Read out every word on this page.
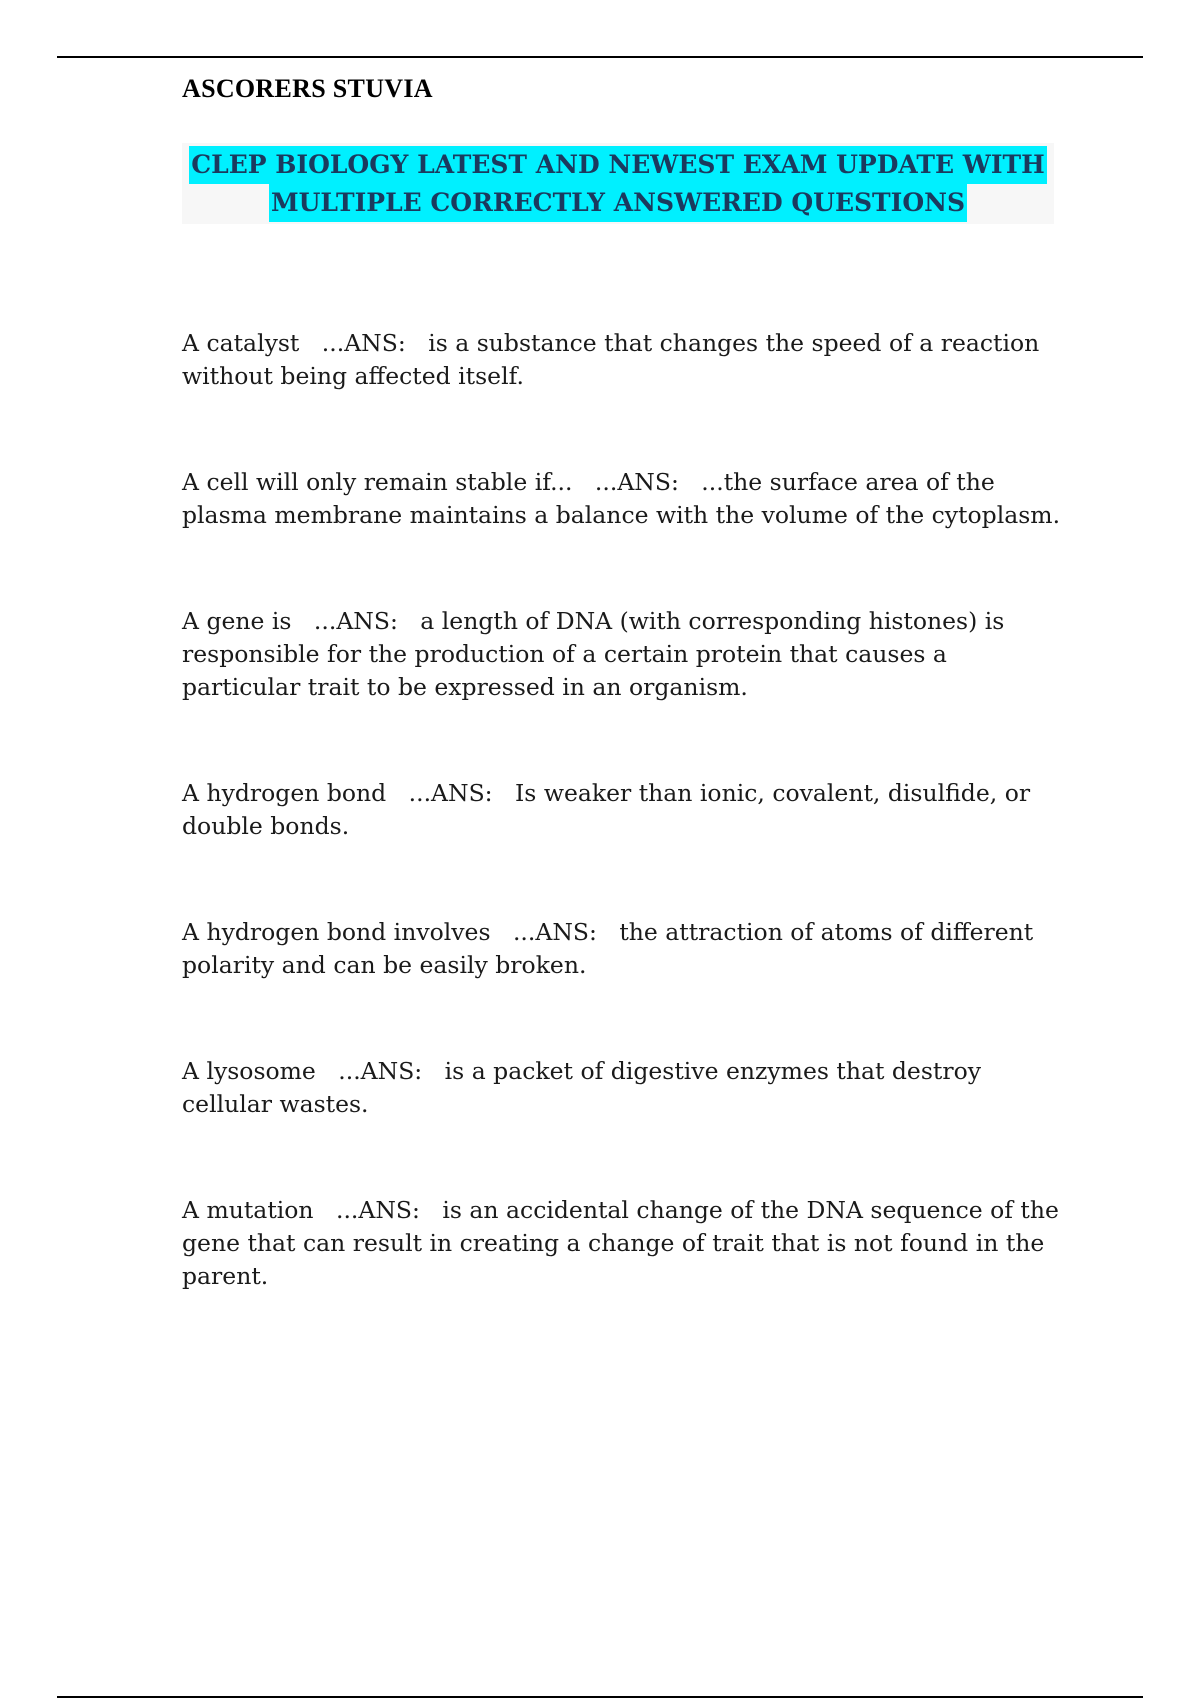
ASCORERS STUVIA
CLEP BIOLOGY LATEST AND NEWEST EXAM UPDATE WITH
MULTIPLE CORRECTLY ANSWERED QUESTIONS
A catalyst ...ANS: is a substance that changes the speed of a reaction without being affected itself.
A cell will only remain stable if... ...ANS: ...the surface area of the plasma membrane maintains a balance with the volume of the cytoplasm.
A gene is ...ANS: a length of DNA (with corresponding histones) is responsible for the production of a certain protein that causes a particular trait to be expressed in an organism.
A hydrogen bond ...ANS: Is weaker than ionic, covalent, disulfide, or double bonds.
A hydrogen bond involves ...ANS: the attraction of atoms of different polarity and can be easily broken.
A lysosome ...ANS: is a packet of digestive enzymes that destroy cellular wastes.
A mutation ...ANS: is an accidental change of the DNA sequence of the gene that can result in creating a change of trait that is not found in the parent.
